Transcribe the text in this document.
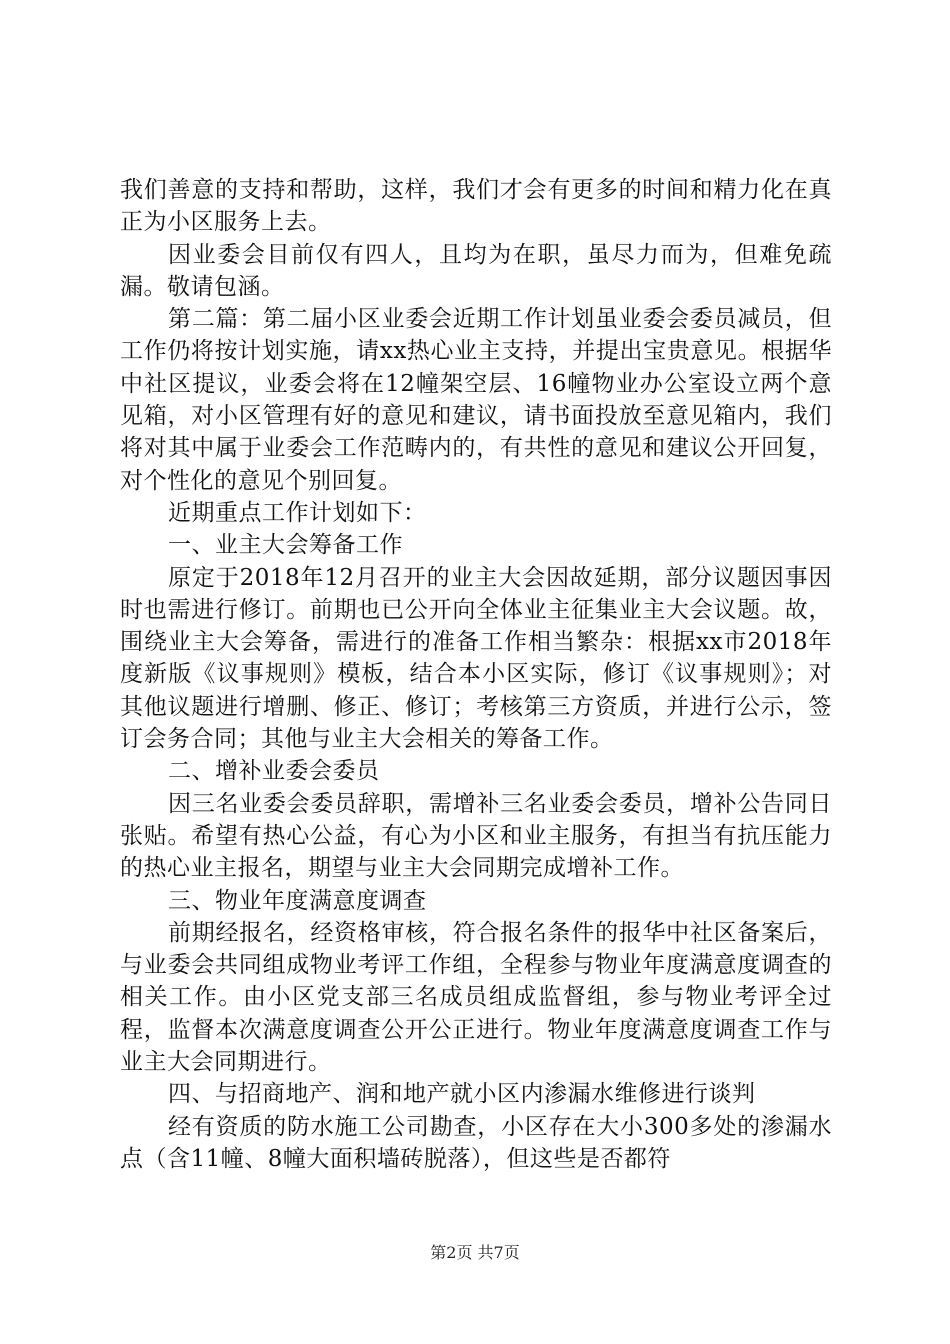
我们善意的支持和帮助，这样，我们才会有更多的时间和精力化在真正为小区服务上去。

因业委会目前仅有四人，且均为在职，虽尽力而为，但难免疏漏。敬请包涵。

第二篇：第二届小区业委会近期工作计划虽业委会委员减员，但工作仍将按计划实施，请xx热心业主支持，并提出宝贵意见。根据华中社区提议，业委会将在12幢架空层、16幢物业办公室设立两个意见箱，对小区管理有好的意见和建议，请书面投放至意见箱内，我们将对其中属于业委会工作范畴内的，有共性的意见和建议公开回复，对个性化的意见个别回复。

近期重点工作计划如下：

一、业主大会筹备工作

原定于2018年12月召开的业主大会因故延期，部分议题因事因时也需进行修订。前期也已公开向全体业主征集业主大会议题。故，围绕业主大会筹备，需进行的准备工作相当繁杂：根据xx市2018年度新版《议事规则》模板，结合本小区实际，修订《议事规则》；对其他议题进行增删、修正、修订；考核第三方资质，并进行公示，签订会务合同；其他与业主大会相关的筹备工作。

二、增补业委会委员

因三名业委会委员辞职，需增补三名业委会委员，增补公告同日张贴。希望有热心公益，有心为小区和业主服务，有担当有抗压能力的热心业主报名，期望与业主大会同期完成增补工作。

三、物业年度满意度调查

前期经报名，经资格审核，符合报名条件的报华中社区备案后，与业委会共同组成物业考评工作组，全程参与物业年度满意度调查的相关工作。由小区党支部三名成员组成监督组，参与物业考评全过程，监督本次满意度调查公开公正进行。物业年度满意度调查工作与业主大会同期进行。

四、与招商地产、润和地产就小区内渗漏水维修进行谈判

经有资质的防水施工公司勘查，小区存在大小300多处的渗漏水点（含11幢、8幢大面积墙砖脱落），但这些是否都符

第2页 共7页
